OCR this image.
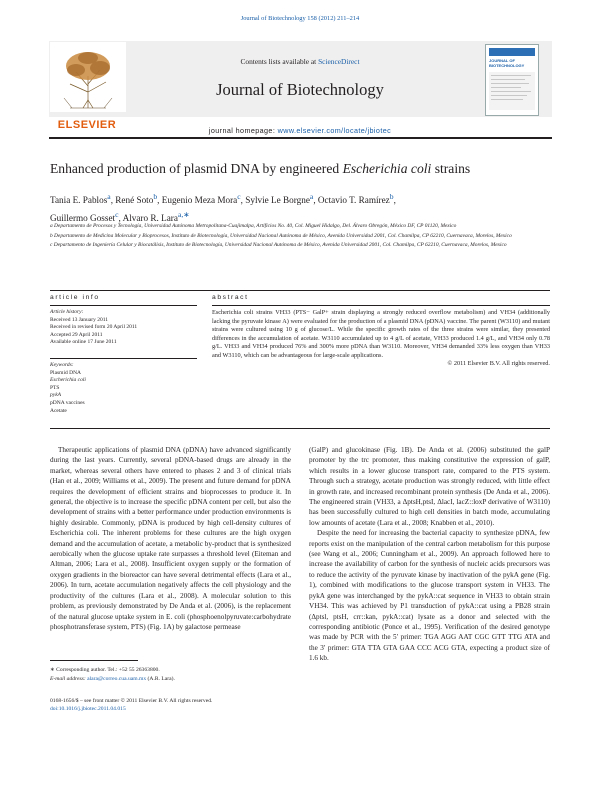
Journal of Biotechnology 158 (2012) 211–214
ELSEVIER
Contents lists available at ScienceDirect
Journal of Biotechnology
journal homepage: www.elsevier.com/locate/jbiotec
JOURNAL OF BIOTECHNOLOGY
Enhanced production of plasmid DNA by engineered Escherichia coli strains
Tania E. Pablos$^a$, René Soto$^b$, Eugenio Meza Mora$^c$, Sylvie Le Borgne$^a$, Octavio T. Ramírez$^b$,
Guillermo Gosset$^c$, Alvaro R. Lara$^{a,∗}$
a Departamento de Procesos y Tecnología, Universidad Autónoma Metropolitana-Cuajimalpa, Artificios No. 40, Col. Miguel Hidalgo, Del. Álvaro Obregón, México DF, CP 01120, Mexico
b Departamento de Medicina Molecular y Bioprocesos, Instituto de Biotecnología, Universidad Nacional Autónoma de México, Avenida Universidad 2001, Col. Chamilpa, CP 62210, Cuernavaca, Morelos, Mexico
c Departamento de Ingeniería Celular y Biocatálisis, Instituto de Biotecnología, Universidad Nacional Autónoma de México, Avenida Universidad 2001, Col. Chamilpa, CP 62210, Cuernavaca, Morelos, Mexico
article info
Article history:
Received 13 January 2011
Received in revised form 20 April 2011
Accepted 29 April 2011
Available online 17 June 2011
Keywords:
Plasmid DNA
Escherichia coli
PTS
pykA
pDNA vaccines
Acetate
abstract
Escherichia coli strains VH33 (PTS− GalP+ strain displaying a strongly reduced overflow metabolism) and VH34 (additionally lacking the pyruvate kinase A) were evaluated for the production of a plasmid DNA (pDNA) vaccine. The parent (W3110) and mutant strains were cultured using 10 g of glucose/L. While the specific growth rates of the three strains were similar, they presented differences in the accumulation of acetate. W3110 accumulated up to 4 g/L of acetate, VH33 produced 1.4 g/L, and VH34 only 0.78 g/L. VH33 and VH34 produced 76% and 300% more pDNA than W3110. Moreover, VH34 demanded 33% less oxygen than VH33 and W3110, which can be advantageous for large-scale applications.
© 2011 Elsevier B.V. All rights reserved.

Therapeutic applications of plasmid DNA (pDNA) have advanced significantly during the last years. Currently, several pDNA-based drugs are already in the market, whereas several others have entered to phases 2 and 3 of clinical trials (Han et al., 2009; Williams et al., 2009). The present and future demand for pDNA requires the development of efficient strains and bioprocesses to produce it. In general, the objective is to increase the specific pDNA content per cell, but also the development of strains with a better performance under production environments is highly desirable. Commonly, pDNA is produced by high cell-density cultures of Escherichia coli. The inherent problems for these cultures are the high oxygen demand and the accumulation of acetate, a metabolic by-product that is synthesized aerobically when the glucose uptake rate surpasses a threshold level (Eiteman and Altman, 2006; Lara et al., 2008). Insufficient oxygen supply or the formation of oxygen gradients in the bioreactor can have several detrimental effects (Lara et al., 2006). In turn, acetate accumulation negatively affects the cell physiology and the productivity of the cultures (Lara et al., 2008). A molecular solution to this problem, as previously demonstrated by De Anda et al. (2006), is the replacement of the natural glucose uptake system in E. coli (phosphoenolpyruvate:carbohydrate phosphotransferase system, PTS) (Fig. 1A) by galactose permease

(GalP) and glucokinase (Fig. 1B). De Anda et al. (2006) substituted the galP promoter by the trc promoter, thus making constitutive the expression of galP, which results in a lower glucose transport rate, compared to the PTS system. Through such a strategy, acetate production was strongly reduced, with little effect in growth rate, and increased recombinant protein synthesis (De Anda et al., 2006). The engineered strain (VH33, a ΔptsH,ptsI, ΔlacI, lacZ::loxP derivative of W3110) has been successfully cultured to high cell densities in batch mode, accumulating low amounts of acetate (Lara et al., 2008; Knabben et al., 2010).

Despite the need for increasing the bacterial capacity to synthesize pDNA, few reports exist on the manipulation of the central carbon metabolism for this purpose (see Wang et al., 2006; Cunningham et al., 2009). An approach followed here to increase the availability of carbon for the synthesis of nucleic acids precursors was to reduce the activity of the pyruvate kinase by inactivation of the pykA gene (Fig. 1), combined with modifications to the glucose transport system in VH33. The pykA gene was interchanged by the pykA::cat sequence in VH33 to obtain strain VH34. This was achieved by P1 transduction of pykA::cat using a PB28 strain (Δptsl, ptsH, crr::kan, pykA::cat) lysate as a donor and selected with the corresponding antibiotic (Ponce et al., 1995). Verification of the desired genotype was made by PCR with the 5′ primer: TGA AGG AAT CGC GTT TTG ATA and the 3′ primer: GTA TTA GTA GAA CCC ACG GTA, expecting a product size of 1.6 kb.

∗ Corresponding author. Tel.: +52 55 26363800.
E-mail address: alara@correo.cua.uam.mx (A.R. Lara).
0168-1656/$ – see front matter © 2011 Elsevier B.V. All rights reserved.
doi:10.1016/j.jbiotec.2011.04.015
